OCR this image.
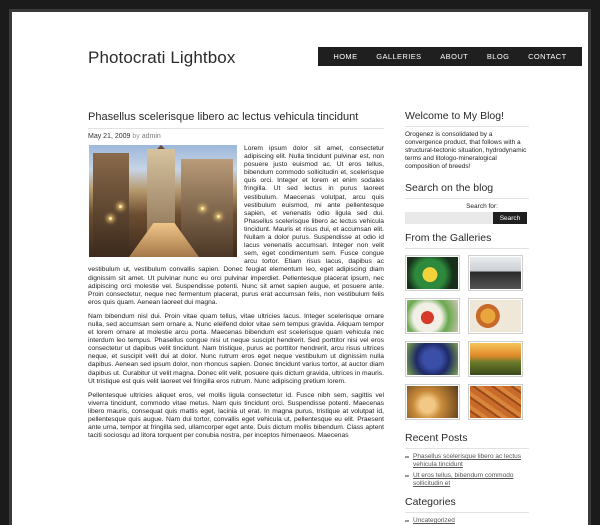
Photocrati Lightbox	HOME	GALLERIES	ABOUT	BLOG	CONTACT
Phasellus scelerisque libero ac lectus vehicula tincidunt
May 21, 2009 by admin

Lorem ipsum dolor sit amet, consectetur adipiscing elit. Nulla tincidunt pulvinar est, non posuere justo euismod ac. Ut eros tellus, bibendum commodo sollicitudin et, scelerisque quis orci. Integer et lorem et enim sodales fringilla. Ut sed lectus in purus laoreet vestibulum. Maecenas volutpat, arcu quis vestibulum euismod, mi ante pellentesque sapien, et venenatis odio ligula sed dui. Phasellus scelerisque libero ac lectus vehicula tincidunt. Mauris et risus dui, et accumsan elit. Nullam a dolor purus. Suspendisse at odio id lacus venenatis accumsan. Integer non velit sem, eget condimentum sem. Fusce congue arcu tortor. Etiam risus lacus, dapibus ac vestibulum ut, vestibulum convallis sapien. Donec feugiat elementum leo, eget adipiscing diam dignissim sit amet. Ut pulvinar nunc eu orci pulvinar imperdiet. Pellentesque placerat ipsum, nec adipiscing orci molestie vel. Suspendisse potenti. Nunc sit amet sapien augue, et posuere ante. Proin consectetur, neque nec fermentum placerat, purus erat accumsan felis, non vestibulum felis eros quis quam. Aenean laoreet dui magna.

Nam bibendum nisl dui. Proin vitae quam tellus, vitae ultricies lacus. Integer scelerisque ornare nulla, sed accumsan sem ornare a. Nunc eleifend dolor vitae sem tempus gravida. Aliquam tempor et lorem ornare at molestie arcu porta. Maecenas bibendum est scelerisque quam vehicula nec interdum leo tempus. Phasellus congue nisi ut neque suscipit hendrerit. Sed porttitor nisi vel eros consectetur ut dapibus velit tincidunt. Nam tristique, purus ac porttitor hendrerit, arcu risus ultrices neque, et suscipit velit dui at dolor. Nunc rutrum eros eget neque vestibulum ut dignissim nulla dapibus. Aenean sed ipsum dolor, non rhoncus sapien. Donec tincidunt varius tortor, at auctor diam dapibus ut. Curabitur ut velit magna. Donec elit velit, posuere quis dictum gravida, ultrices in mauris. Ut tristique est quis velit laoreet vel fringilla eros rutrum. Nunc adipiscing pretium lorem.

Pellentesque ultricies aliquet eros, vel mollis ligula consectetur id. Fusce nibh sem, sagittis vel viverra tincidunt, commodo vitae metus. Nam quis tincidunt orci. Suspendisse potenti. Maecenas libero mauris, consequat quis mattis eget, lacinia ut erat. In magna purus, tristique at volutpat id, pellentesque quis augue. Nam dui tortor, convallis eget vehicula ut, pellentesque eu elit. Praesent ante urna, tempor at fringilla sed, ullamcorper eget ante. Duis dictum mollis bibendum. Class aptent taciti sociosqu ad litora torquent per conubia nostra, per inceptos himenaeos. Maecenas

Welcome to My Blog!
Orogenez is consolidated by a convergence product, that follows with a structural-tectonic situation, hydrodynamic terms and litologo-mineralogical composition of breeds!
Search on the blog
Search for:
Search
From the Galleries
Recent Posts
Phasellus scelerisque libero ac lectus vehicula tincidunt
Ut eros tellus, bibendum commodo sollicitudin et
Categories
Uncategorized
